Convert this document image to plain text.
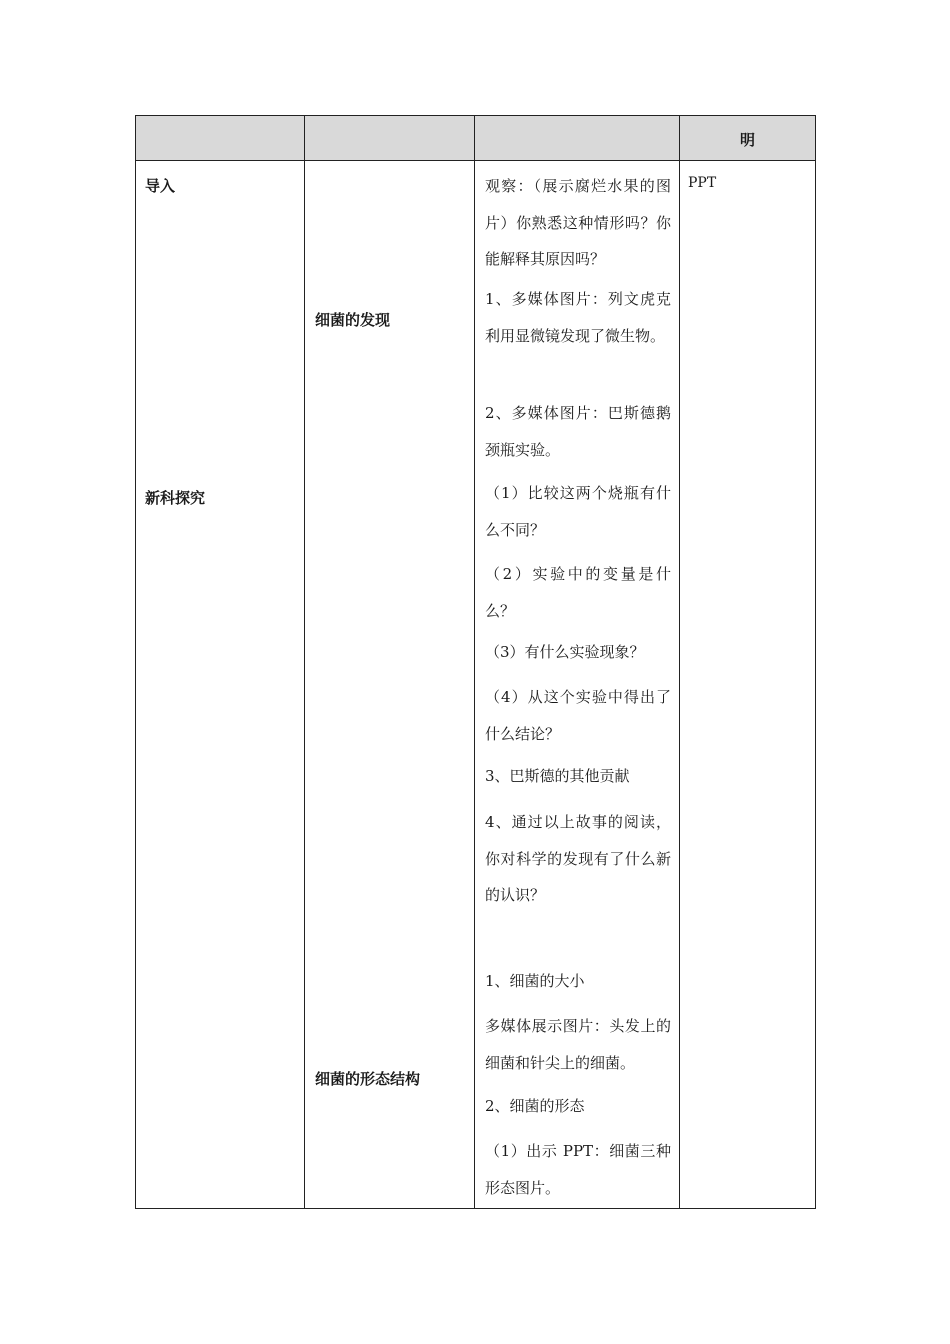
明
导入
新科探究
细菌的发现
细菌的形态结构
PPT

观察：（展示腐烂水果的图片）你熟悉这种情形吗？你能解释其原因吗？

1、多媒体图片：列文虎克利用显微镜发现了微生物。

2、多媒体图片：巴斯德鹅颈瓶实验。

（1）比较这两个烧瓶有什么不同？

（2）实验中的变量是什么？

（3）有什么实验现象？

（4）从这个实验中得出了什么结论？

3、巴斯德的其他贡献

4、通过以上故事的阅读，你对科学的发现有了什么新的认识？

1、细菌的大小

多媒体展示图片：头发上的细菌和针尖上的细菌。

2、细菌的形态

（1）出示 PPT：细菌三种形态图片。
